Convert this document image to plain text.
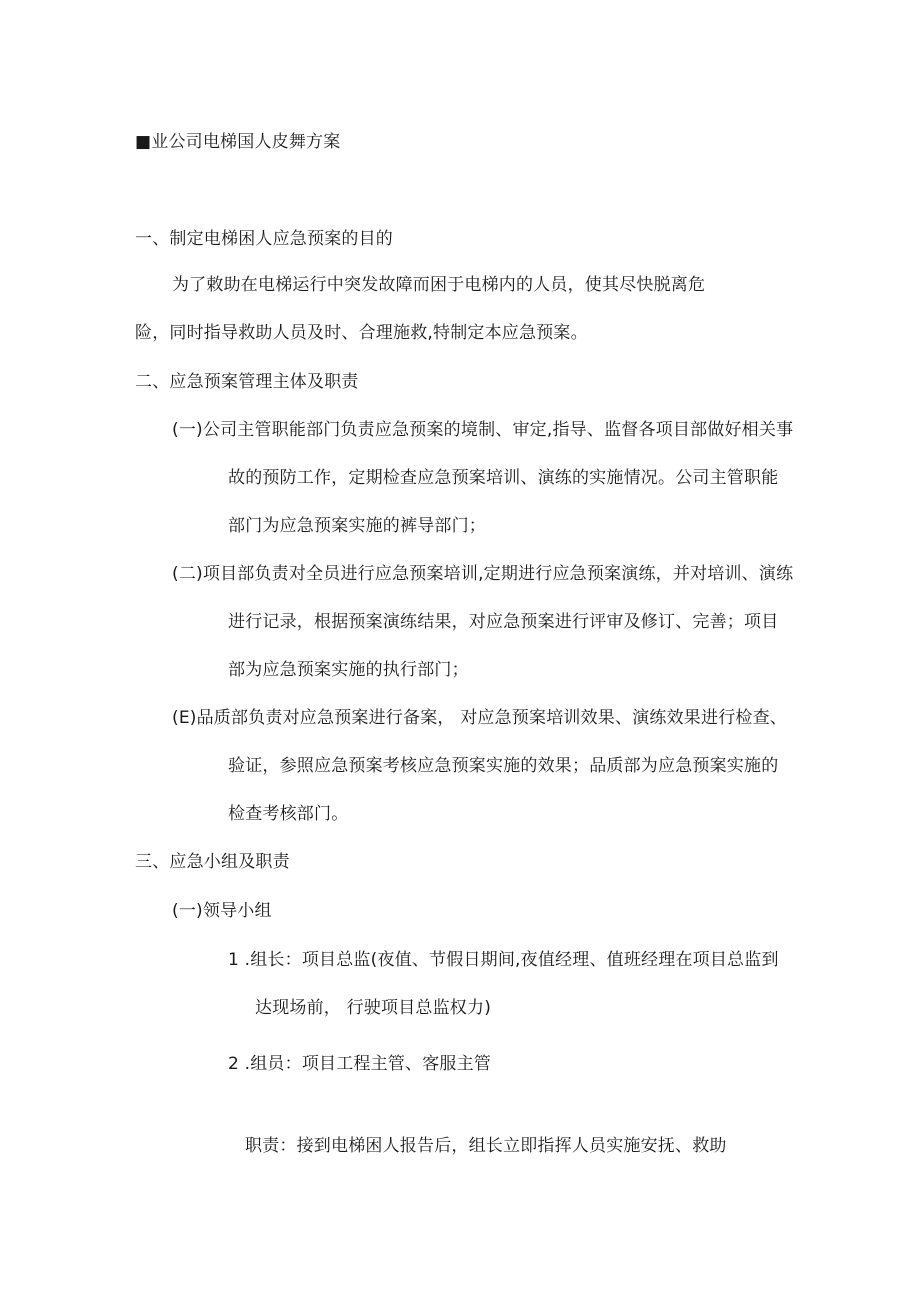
■业公司电梯国人皮舞方案
一、制定电梯困人应急预案的目的
为了敕助在电梯运行中突发故障而困于电梯内的人员，使其尽快脱离危
险，同时指导救助人员及时、合理施救,特制定本应急预案。
二、应急预案管理主体及职责
(一)公司主管职能部门负责应急预案的境制、审定,指导、监督各项目部做好相关事
故的预防工作，定期检查应急预案培训、演练的实施情况。公司主管职能
部门为应急预案实施的裤导部门；
(二)项目部负责对全员进行应急预案培训,定期进行应急预案演练，并对培训、演练
进行记录，根据预案演练结果，对应急预案进行评审及修订、完善；项目
部为应急预案实施的执行部门；
(E)品质部负责对应急预案进行备案， 对应急预案培训效果、演练效果进行检查、
验证，参照应急预案考核应急预案实施的效果；品质部为应急预案实施的
检查考核部门。
三、应急小组及职责
(一)领导小组
1 .组长：项目总监(夜值、节假日期间,夜值经理、值班经理在项目总监到
达现场前， 行驶项目总监权力)
2 .组员：项目工程主管、客服主管
职责：接到电梯困人报告后，组长立即指挥人员实施安抚、救助
